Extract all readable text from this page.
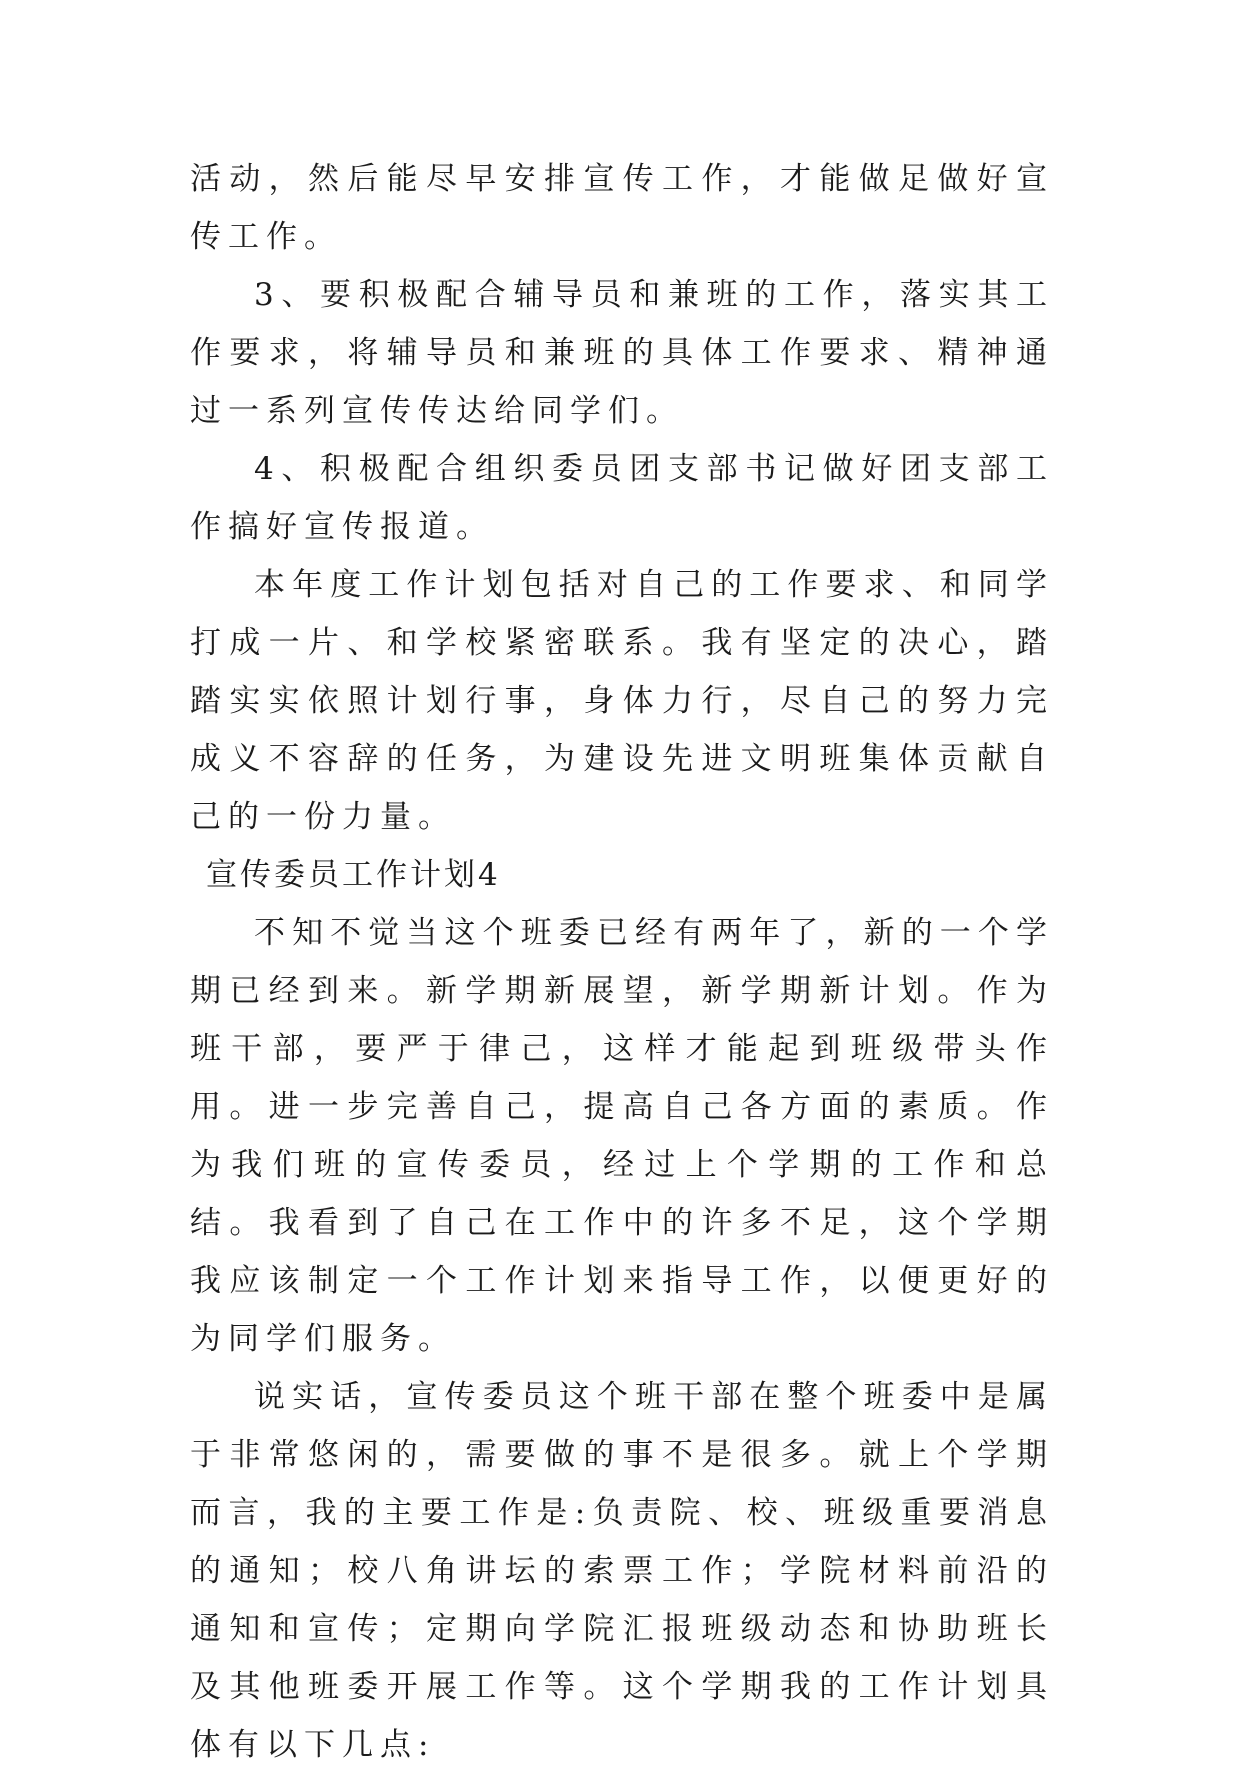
活动，然后能尽早安排宣传工作，才能做足做好宣传工作。

3、要积极配合辅导员和兼班的工作，落实其工作要求，将辅导员和兼班的具体工作要求、精神通过一系列宣传传达给同学们。

4、积极配合组织委员团支部书记做好团支部工作搞好宣传报道。

本年度工作计划包括对自己的工作要求、和同学打成一片、和学校紧密联系。我有坚定的决心，踏踏实实依照计划行事，身体力行，尽自己的努力完成义不容辞的任务，为建设先进文明班集体贡献自己的一份力量。

宣传委员工作计划4

不知不觉当这个班委已经有两年了，新的一个学期已经到来。新学期新展望，新学期新计划。作为班干部，要严于律己，这样才能起到班级带头作用。进一步完善自己，提高自己各方面的素质。作为我们班的宣传委员，经过上个学期的工作和总结。我看到了自己在工作中的许多不足，这个学期我应该制定一个工作计划来指导工作，以便更好的为同学们服务。

说实话，宣传委员这个班干部在整个班委中是属于非常悠闲的，需要做的事不是很多。就上个学期而言，我的主要工作是:负责院、校、班级重要消息的通知；校八角讲坛的索票工作；学院材料前沿的通知和宣传；定期向学院汇报班级动态和协助班长及其他班委开展工作等。这个学期我的工作计划具体有以下几点:
